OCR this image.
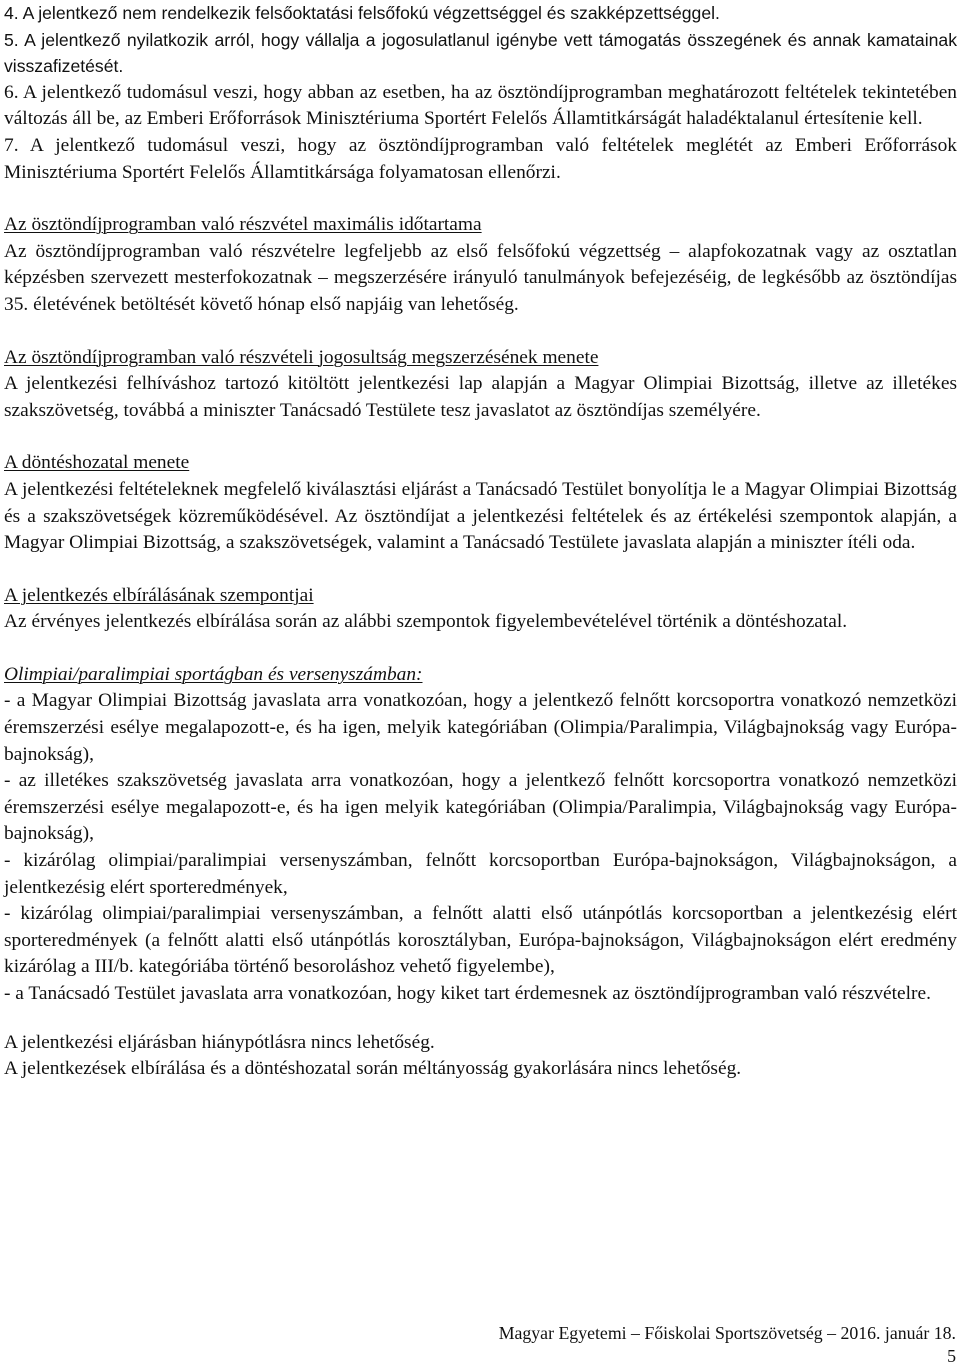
4. A jelentkező nem rendelkezik felsőoktatási felsőfokú végzettséggel és szakképzettséggel.

5. A jelentkező nyilatkozik arról, hogy vállalja a jogosulatlanul igénybe vett támogatás összegének és annak kamatainak visszafizetését.

6. A jelentkező tudomásul veszi, hogy abban az esetben, ha az ösztöndíjprogramban meghatározott feltételek tekintetében változás áll be, az Emberi Erőforrások Minisztériuma Sportért Felelős Államtitkárságát haladéktalanul értesítenie kell.

7. A jelentkező tudomásul veszi, hogy az ösztöndíjprogramban való feltételek meglétét az Emberi Erőforrások Minisztériuma Sportért Felelős Államtitkársága folyamatosan ellenőrzi.

Az ösztöndíjprogramban való részvétel maximális időtartama

Az ösztöndíjprogramban való részvételre legfeljebb az első felsőfokú végzettség – alapfokozatnak vagy az osztatlan képzésben szervezett mesterfokozatnak – megszerzésére irányuló tanulmányok befejezéséig, de legkésőbb az ösztöndíjas 35. életévének betöltését követő hónap első napjáig van lehetőség.

Az ösztöndíjprogramban való részvételi jogosultság megszerzésének menete

A jelentkezési felhíváshoz tartozó kitöltött jelentkezési lap alapján a Magyar Olimpiai Bizottság, illetve az illetékes szakszövetség, továbbá a miniszter Tanácsadó Testülete tesz javaslatot az ösztöndíjas személyére.

A döntéshozatal menete

A jelentkezési feltételeknek megfelelő kiválasztási eljárást a Tanácsadó Testület bonyolítja le a Magyar Olimpiai Bizottság és a szakszövetségek közreműködésével. Az ösztöndíjat a jelentkezési feltételek és az értékelési szempontok alapján, a Magyar Olimpiai Bizottság, a szakszövetségek, valamint a Tanácsadó Testülete javaslata alapján a miniszter ítéli oda.

A jelentkezés elbírálásának szempontjai

Az érvényes jelentkezés elbírálása során az alábbi szempontok figyelembevételével történik a döntéshozatal.

Olimpiai/paralimpiai sportágban és versenyszámban:

- a Magyar Olimpiai Bizottság javaslata arra vonatkozóan, hogy a jelentkező felnőtt korcsoportra vonatkozó nemzetközi éremszerzési esélye megalapozott-e, és ha igen, melyik kategóriában (Olimpia/Paralimpia, Világbajnokság vagy Európa-bajnokság),

- az illetékes szakszövetség javaslata arra vonatkozóan, hogy a jelentkező felnőtt korcsoportra vonatkozó nemzetközi éremszerzési esélye megalapozott-e, és ha igen melyik kategóriában (Olimpia/Paralimpia, Világbajnokság vagy Európa-bajnokság),

- kizárólag olimpiai/paralimpiai versenyszámban, felnőtt korcsoportban Európa-bajnokságon, Világbajnokságon, a jelentkezésig elért sporteredmények,

- kizárólag olimpiai/paralimpiai versenyszámban, a felnőtt alatti első utánpótlás korcsoportban a jelentkezésig elért sporteredmények (a felnőtt alatti első utánpótlás korosztályban, Európa-bajnokságon, Világbajnokságon elért eredmény kizárólag a III/b. kategóriába történő besoroláshoz vehető figyelembe),

- a Tanácsadó Testület javaslata arra vonatkozóan, hogy kiket tart érdemesnek az ösztöndíjprogramban való részvételre.

A jelentkezési eljárásban hiánypótlásra nincs lehetőség.

A jelentkezések elbírálása és a döntéshozatal során méltányosság gyakorlására nincs lehetőség.

Magyar Egyetemi – Főiskolai Sportszövetség – 2016. január 18.
5
